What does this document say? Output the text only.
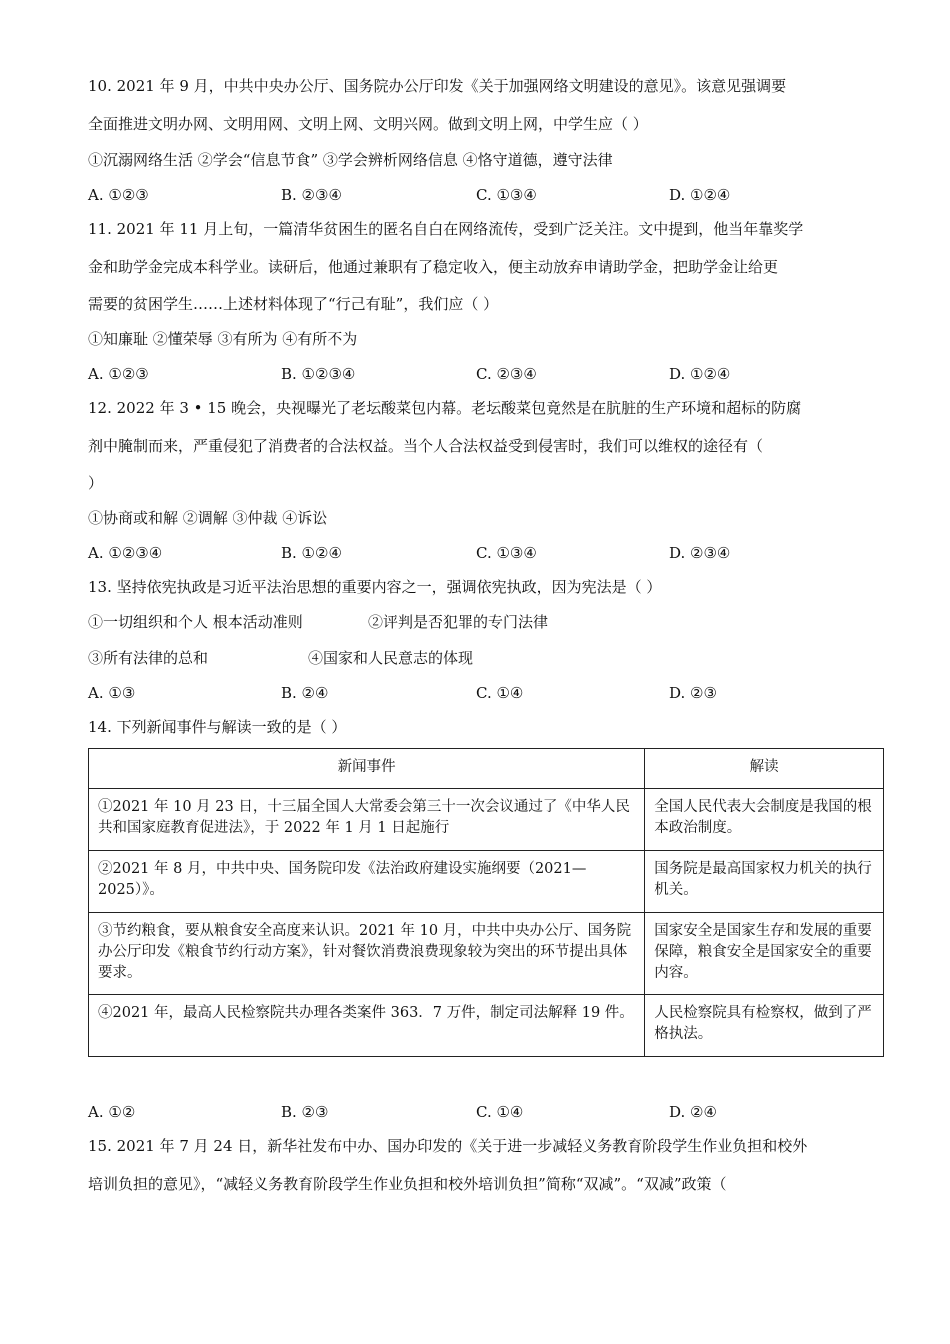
10. 2021 年 9 月，中共中央办公厅、国务院办公厅印发《关于加强网络文明建设的意见》。该意见强调要
全面推进文明办网、文明用网、文明上网、文明兴网。做到文明上网，中学生应（ ）
①沉溺网络生活 ②学会“信息节食” ③学会辨析网络信息 ④恪守道德，遵守法律
A. ①②③	B. ②③④	C. ①③④	D. ①②④
11. 2021 年 11 月上旬，一篇清华贫困生的匿名自白在网络流传，受到广泛关注。文中提到，他当年靠奖学
金和助学金完成本科学业。读研后，他通过兼职有了稳定收入，便主动放弃申请助学金，把助学金让给更
需要的贫困学生……上述材料体现了“行己有耻”，我们应（ ）
①知廉耻 ②懂荣辱 ③有所为 ④有所不为
A. ①②③	B. ①②③④	C. ②③④	D. ①②④
12. 2022 年 3 • 15 晚会，央视曝光了老坛酸菜包内幕。老坛酸菜包竟然是在肮脏的生产环境和超标的防腐
剂中腌制而来，严重侵犯了消费者的合法权益。当个人合法权益受到侵害时，我们可以维权的途径有（
）
①协商或和解 ②调解 ③仲裁 ④诉讼
A. ①②③④	B. ①②④	C. ①③④	D. ②③④
13. 坚持依宪执政是习近平法治思想的重要内容之一，强调依宪执政，因为宪法是（ ）
①一切组织和个人 根本活动准则	②评判是否犯罪的专门法律
③所有法律的总和	④国家和人民意志的体现
A. ①③	B. ②④	C. ①④	D. ②③
14. 下列新闻事件与解读一致的是（ ）
新闻事件	解读
①2021 年 10 月 23 日，十三届全国人大常委会第三十一次会议通过了《中华人民共和国家庭教育促进法》，于 2022 年 1 月 1 日起施行	全国人民代表大会制度是我国的根本政治制度。
②2021 年 8 月，中共中央、国务院印发《法治政府建设实施纲要（2021—2025）》。	国务院是最高国家权力机关的执行机关。
③节约粮食，要从粮食安全高度来认识。2021 年 10 月，中共中央办公厅、国务院办公厅印发《粮食节约行动方案》，针对餐饮消费浪费现象较为突出的环节提出具体要求。	国家安全是国家生存和发展的重要保障，粮食安全是国家安全的重要内容。
④2021 年，最高人民检察院共办理各类案件 363．7 万件，制定司法解释 19 件。	人民检察院具有检察权，做到了严格执法。
A. ①②	B. ②③	C. ①④	D. ②④
15. 2021 年 7 月 24 日，新华社发布中办、国办印发的《关于进一步减轻义务教育阶段学生作业负担和校外
培训负担的意见》，“减轻义务教育阶段学生作业负担和校外培训负担”简称“双减”。“双减”政策（
